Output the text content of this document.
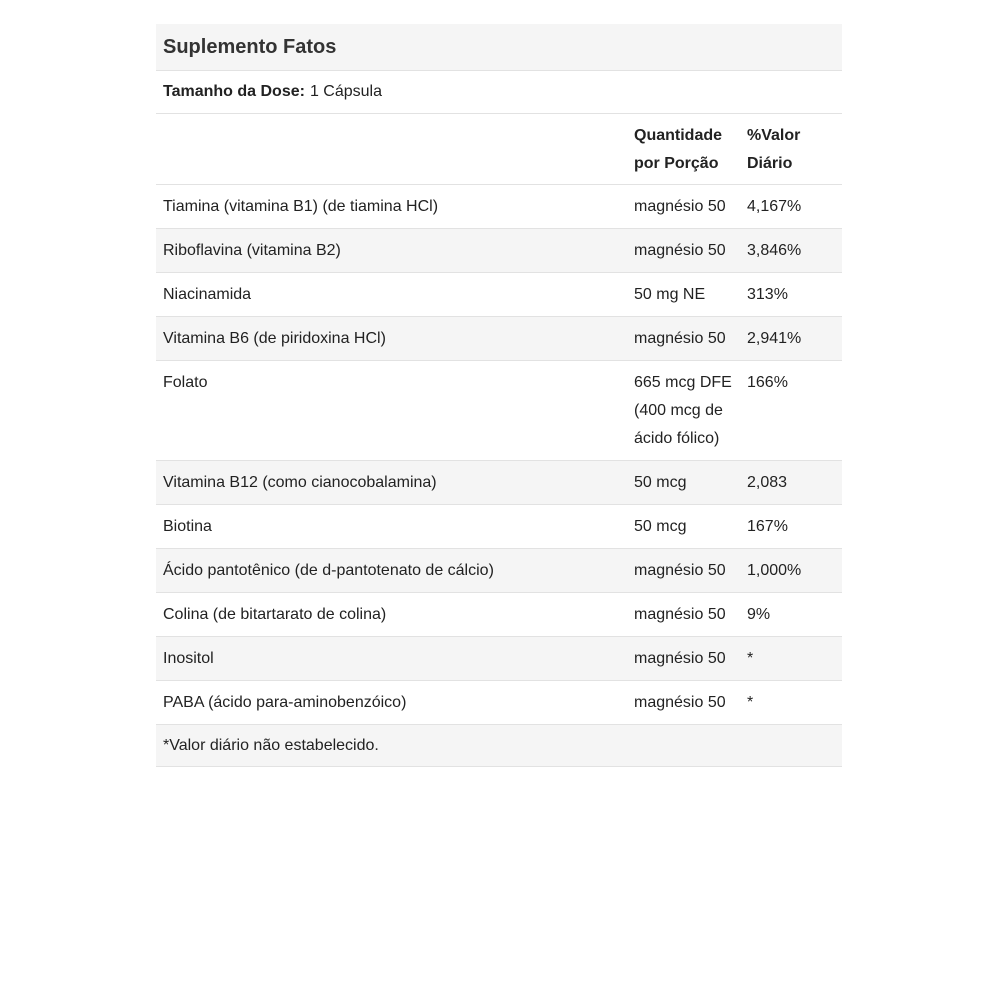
Suplemento Fatos
Tamanho da Dose: 1 Cápsula
	Quantidade por Porção	%Valor Diário
Tiamina (vitamina B1) (de tiamina HCl)	magnésio 50	4,167%
Riboflavina (vitamina B2)	magnésio 50	3,846%
Niacinamida	50 mg NE	313%
Vitamina B6 (de piridoxina HCl)	magnésio 50	2,941%
Folato	665 mcg DFE (400 mcg de ácido fólico)	166%
Vitamina B12 (como cianocobalamina)	50 mcg	2,083
Biotina	50 mcg	167%
Ácido pantotênico (de d-pantotenato de cálcio)	magnésio 50	1,000%
Colina (de bitartarato de colina)	magnésio 50	9%
Inositol	magnésio 50	*
PABA (ácido para-aminobenzóico)	magnésio 50	*
*Valor diário não estabelecido.
